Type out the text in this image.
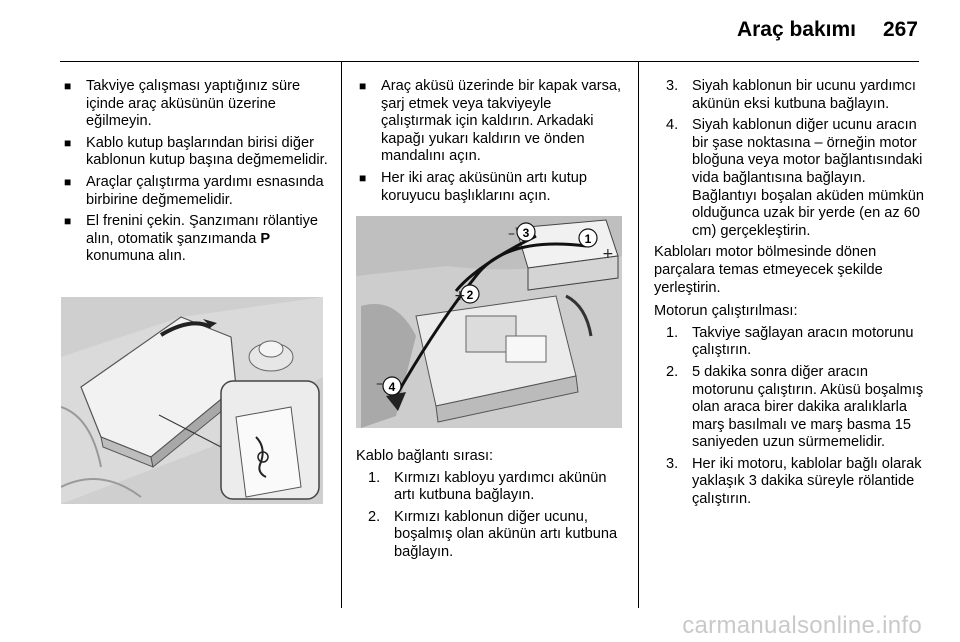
Araç bakımı 267
■ Takviye çalışması yaptığınız süre içinde araç aküsünün üzerine eğilmeyin.
■ Kablo kutup başlarından birisi diğer kablonun kutup başına değmemelidir.
■ Araçlar çalıştırma yardımı esnasında birbirine değmemelidir.
■ El frenini çekin. Şanzımanı rölantiye alın, otomatik şanzımanda P konumuna alın.
■ Araç aküsü üzerinde bir kapak varsa, şarj etmek veya takviyeyle çalıştırmak için kaldırın. Arkadaki kapağı yukarı kaldırın ve önden mandalını açın.
■ Her iki araç aküsünün artı kutup koruyucu başlıklarını açın.
1
2
3
4
+
+
–
–
Kablo bağlantı sırası:
1. Kırmızı kabloyu yardımcı akünün artı kutbuna bağlayın.
2. Kırmızı kablonun diğer ucunu, boşalmış olan akünün artı kutbuna bağlayın.
3. Siyah kablonun bir ucunu yardımcı akünün eksi kutbuna bağlayın.
4. Siyah kablonun diğer ucunu aracın bir şase noktasına – örneğin motor bloğuna veya motor bağlantısındaki vida bağlantısına bağlayın. Bağlantıyı boşalan aküden mümkün olduğunca uzak bir yerde (en az 60 cm) gerçekleştirin.
Kabloları motor bölmesinde dönen parçalara temas etmeyecek şekilde yerleştirin.
Motorun çalıştırılması:
1. Takviye sağlayan aracın motorunu çalıştırın.
2. 5 dakika sonra diğer aracın motorunu çalıştırın. Aküsü boşalmış olan araca birer dakika aralıklarla marş basılmalı ve marş basma 15 saniyeden uzun sürmemelidir.
3. Her iki motoru, kablolar bağlı olarak yaklaşık 3 dakika süreyle rölantide çalıştırın.
carmanualsonline.info
